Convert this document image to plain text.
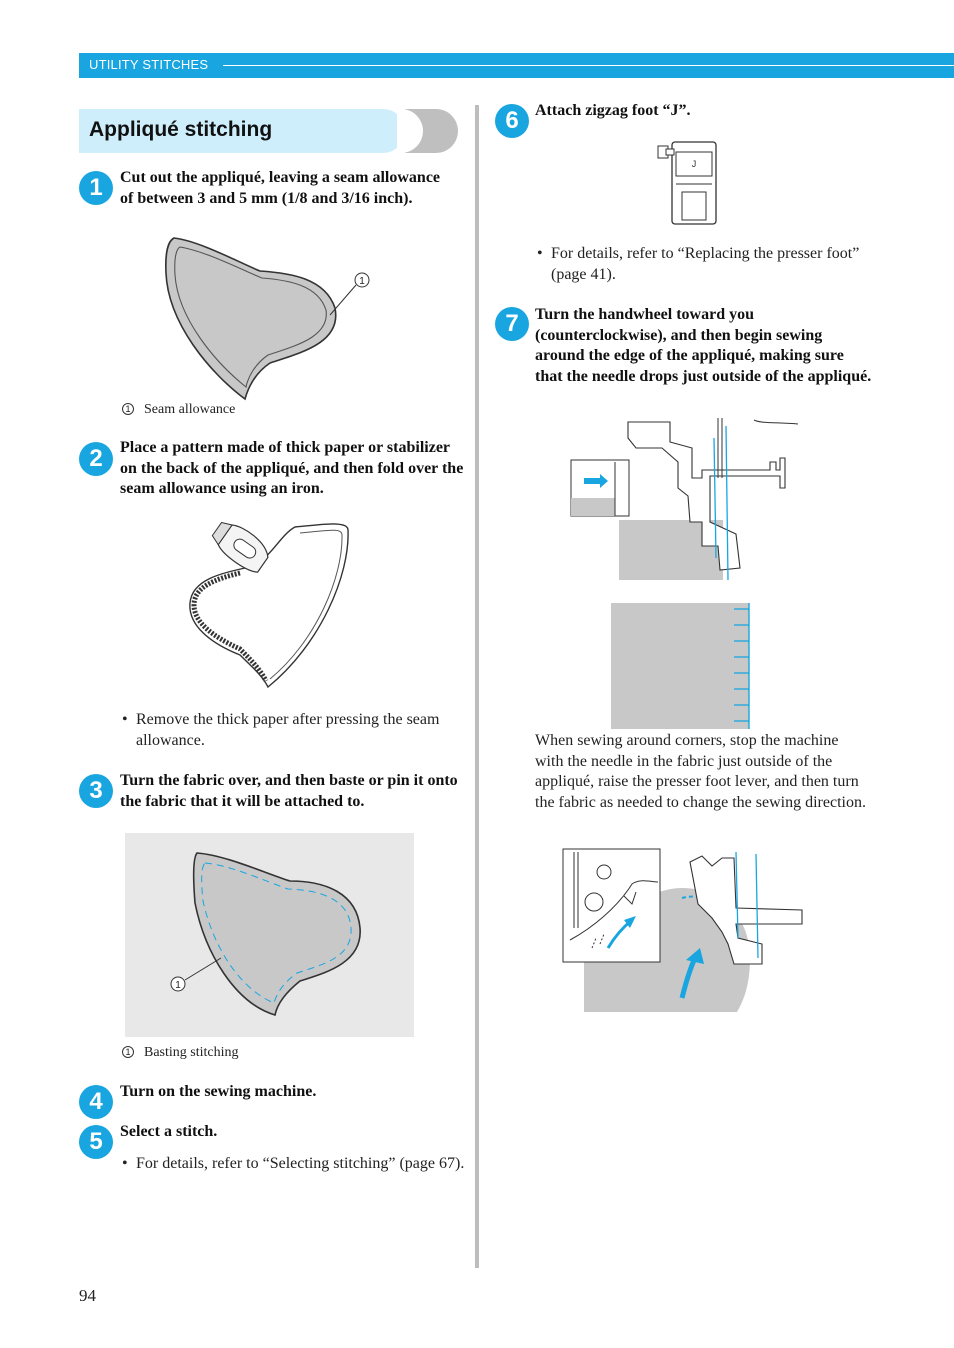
UTILITY STITCHES
Appliqué stitching
1	Cut out the appliqué, leaving a seam allowance of between 3 and 5 mm (1/8 and 3/16 inch).
1
1 Seam allowance
2	Place a pattern made of thick paper or stabilizer on the back of the appliqué, and then fold over the seam allowance using an iron.
• Remove the thick paper after pressing the seam allowance.
3	Turn the fabric over, and then baste or pin it onto the fabric that it will be attached to.
1
1 Basting stitching
4	Turn on the sewing machine.
5	Select a stitch.
• For details, refer to “Selecting stitching” (page 67).
6	Attach zigzag foot “J”.
J
• For details, refer to “Replacing the presser foot” (page 41).
7	Turn the handwheel toward you (counterclockwise), and then begin sewing around the edge of the appliqué, making sure that the needle drops just outside of the appliqué.
When sewing around corners, stop the machine with the needle in the fabric just outside of the appliqué, raise the presser foot lever, and then turn the fabric as needed to change the sewing direction.
94
